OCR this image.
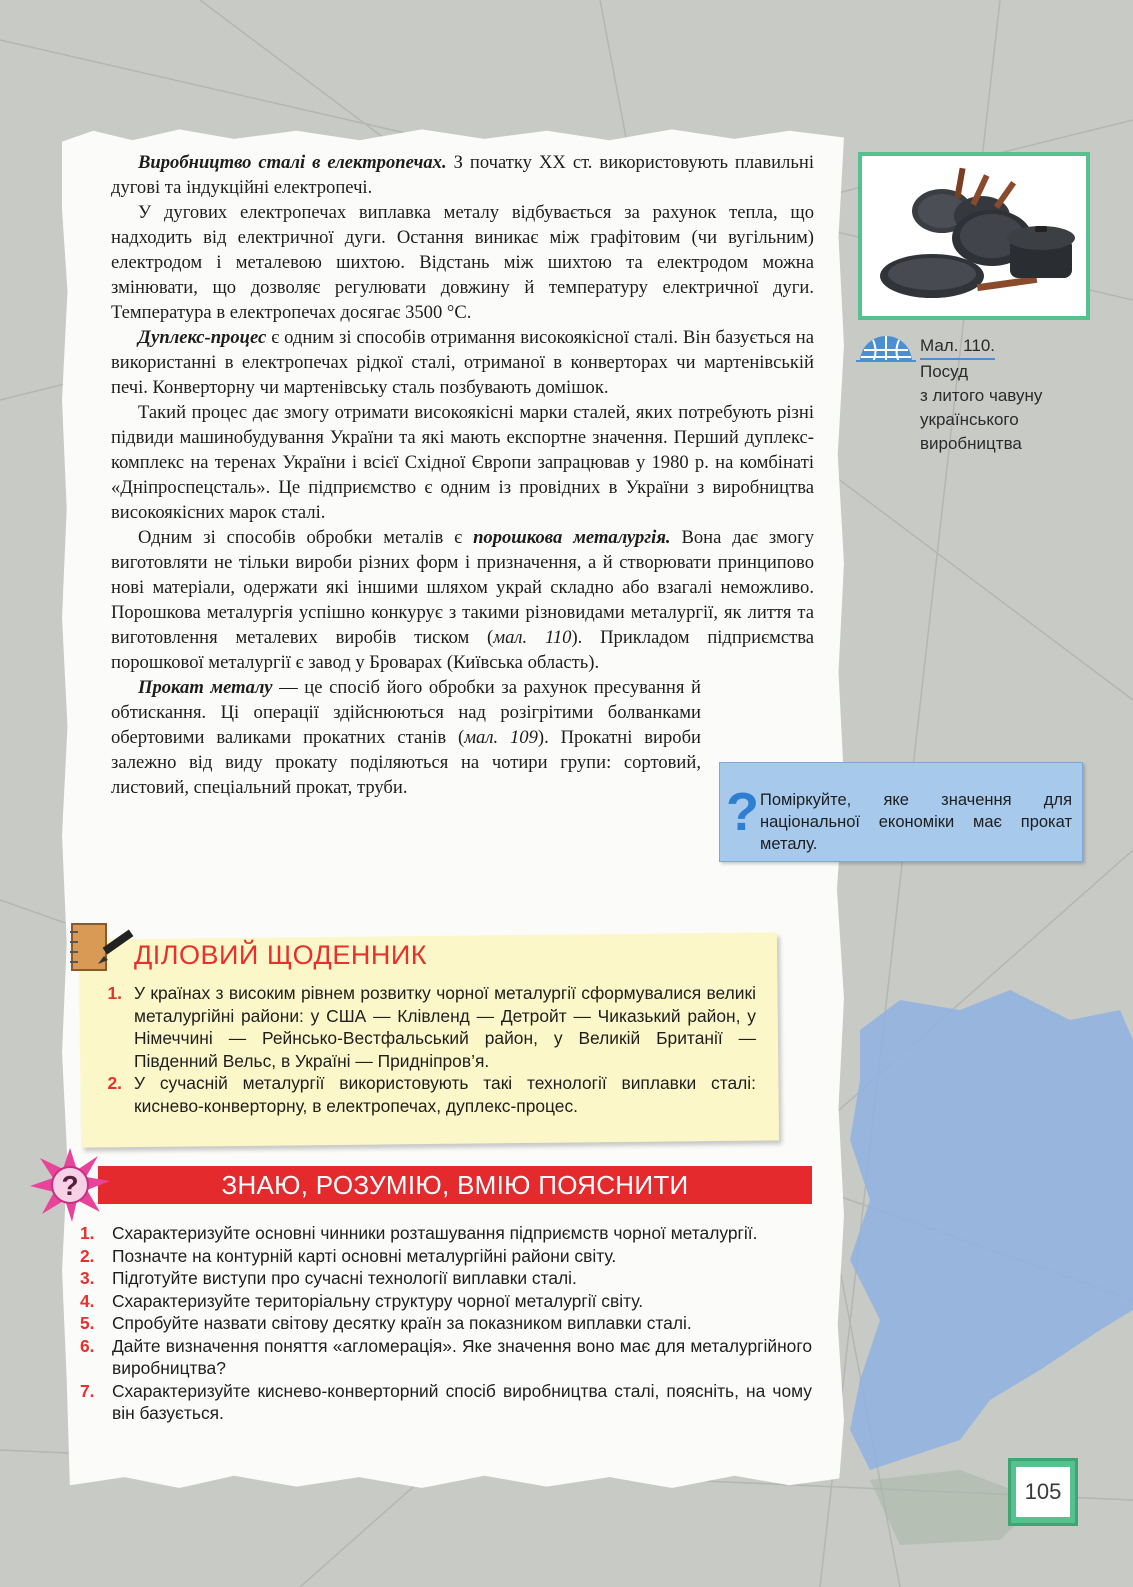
Виробництво сталі в електропечах. З початку ХХ ст. використовують плавильні дугові та індукційні електропечі.

У дугових електропечах виплавка металу відбувається за рахунок тепла, що надходить від електричної дуги. Остання виникає між графітовим (чи вугільним) електродом і металевою шихтою. Відстань між шихтою та електродом можна змінювати, що дозволяє регулювати довжину й температуру електричної дуги. Температура в електропечах досягає 3500 °С.

Дуплекс-процес є одним зі способів отримання високоякісної сталі. Він базується на використанні в електропечах рідкої сталі, отриманої в конверторах чи мартенівській печі. Конверторну чи мартенівську сталь позбувають домішок.

Такий процес дає змогу отримати високоякісні марки сталей, яких потребують різні підвиди машинобудування України та які мають експортне значення. Перший дуплекс-комплекс на теренах України і всієї Східної Європи запрацював у 1980 р. на комбінаті «Дніпроспецсталь». Це підприємство є одним із провідних в України з виробництва високоякісних марок сталі.

Одним зі способів обробки металів є порошкова металургія. Вона дає змогу виготовляти не тільки вироби різних форм і призначення, а й створювати принципово нові матеріали, одержати які іншими шляхом украй складно або взагалі неможливо. Порошкова металургія успішно конкурує з такими різновидами металургії, як лиття та виготовлення металевих виробів тиском (мал. 110). Прикладом підприємства порошкової металургії є завод у Броварах (Київська область).

Прокат металу — це спосіб його обробки за рахунок пресування й обтискання. Ці операції здійснюються над розігрітими болванками обертовими валиками прокатних станів (мал. 109). Прокатні вироби залежно від виду прокату поділяються на чотири групи: сортовий, листовий, спеціальний прокат, труби.

Мал. 110.
Посуд
з литого чавуну
українського
виробництва
? Поміркуйте, яке значення для національної економіки має прокат металу.
ДІЛОВИЙ ЩОДЕННИК
1. У країнах з високим рівнем розвитку чорної металургії сформувалися великі металургійні райони: у США — Клівленд — Детройт — Чиказький район, у Німеччині — Рейнсько-Вестфальський район, у Великій Британії — Південний Вельс, в Україні — Придніпров’я.
2. У сучасній металургії використовують такі технології виплавки сталі: киснево-конверторну, в електропечах, дуплекс-процес.
?	ЗНАЮ, РОЗУМІЮ, ВМІЮ ПОЯСНИТИ
1.	Схарактеризуйте основні чинники розташування підприємств чорної металургії.
2.	Позначте на контурній карті основні металургійні райони світу.
3.	Підготуйте виступи про сучасні технології виплавки сталі.
4.	Схарактеризуйте територіальну структуру чорної металургії світу.
5.	Спробуйте назвати світову десятку країн за показником виплавки сталі.
6.	Дайте визначення поняття «агломерація». Яке значення воно має для металургійного виробництва?
7.	Схарактеризуйте киснево-конверторний спосіб виробництва сталі, поясніть, на чому він базується.
105
